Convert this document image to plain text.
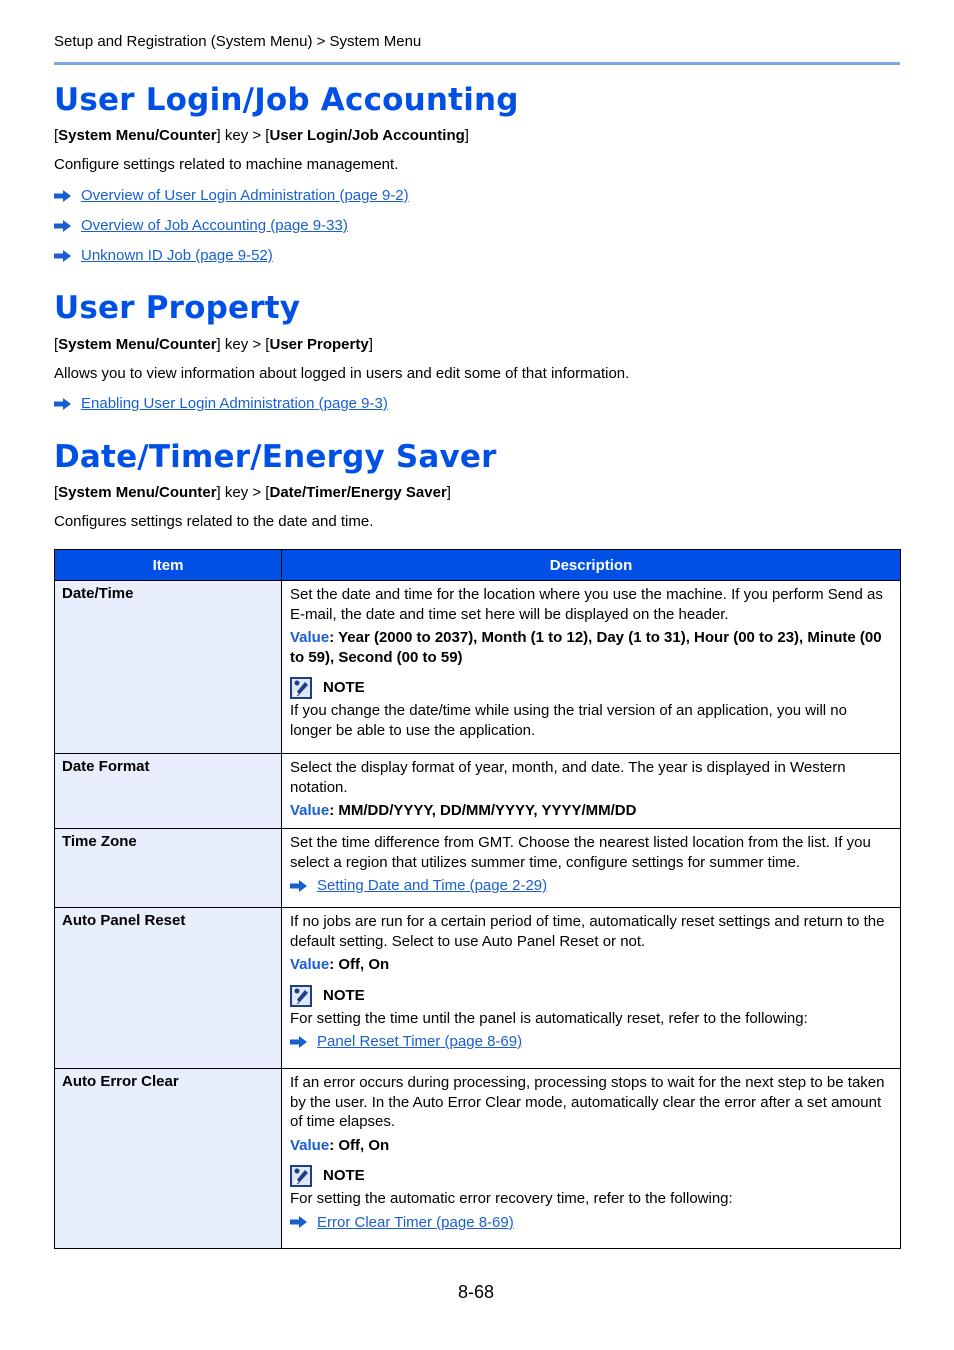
Setup and Registration (System Menu) > System Menu
User Login/Job Accounting
[System Menu/Counter] key > [User Login/Job Accounting]
Configure settings related to machine management.
Overview of User Login Administration (page 9-2)
Overview of Job Accounting (page 9-33)
Unknown ID Job (page 9-52)
User Property
[System Menu/Counter] key > [User Property]
Allows you to view information about logged in users and edit some of that information.
Enabling User Login Administration (page 9-3)
Date/Timer/Energy Saver
[System Menu/Counter] key > [Date/Timer/Energy Saver]
Configures settings related to the date and time.
Item	Description
Date/Time	Set the date and time for the location where you use the machine. If you perform Send as E-mail, the date and time set here will be displayed on the header.
Value: Year (2000 to 2037), Month (1 to 12), Day (1 to 31), Hour (00 to 23), Minute (00 to 59), Second (00 to 59)
NOTE
If you change the date/time while using the trial version of an application, you will no longer be able to use the application.

Date Format	Select the display format of year, month, and date. The year is displayed in Western notation.
Value: MM/DD/YYYY, DD/MM/YYYY, YYYY/MM/DD

Time Zone	Set the time difference from GMT. Choose the nearest listed location from the list. If you select a region that utilizes summer time, configure settings for summer time.
Setting Date and Time (page 2-29)

Auto Panel Reset	If no jobs are run for a certain period of time, automatically reset settings and return to the default setting. Select to use Auto Panel Reset or not.
Value: Off, On
NOTE
For setting the time until the panel is automatically reset, refer to the following:
Panel Reset Timer (page 8-69)

Auto Error Clear	If an error occurs during processing, processing stops to wait for the next step to be taken by the user. In the Auto Error Clear mode, automatically clear the error after a set amount of time elapses.
Value: Off, On
NOTE
For setting the automatic error recovery time, refer to the following:
Error Clear Timer (page 8-69)
8-68
